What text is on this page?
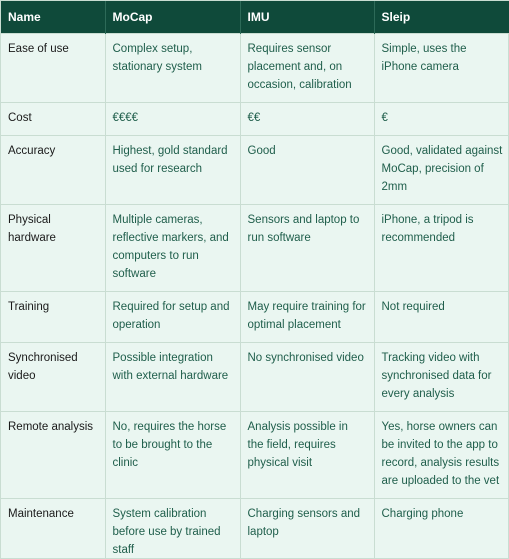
Name	MoCap	IMU	Sleip
Ease of use	Complex setup, stationary system	Requires sensor placement and, on occasion, calibration	Simple, uses the iPhone camera
Cost	€€€€	€€	€
Accuracy	Highest, gold standard used for research	Good	Good, validated against MoCap, precision of 2mm
Physical hardware	Multiple cameras, reflective markers, and computers to run software	Sensors and laptop to run software	iPhone, a tripod is recommended
Training	Required for setup and operation	May require training for optimal placement	Not required
Synchronised video	Possible integration with external hardware	No synchronised video	Tracking video with synchronised data for every analysis
Remote analysis	No, requires the horse to be brought to the clinic	Analysis possible in the field, requires physical visit	Yes, horse owners can be invited to the app to record, analysis results are uploaded to the vet
Maintenance	System calibration before use by trained staff	Charging sensors and laptop	Charging phone
